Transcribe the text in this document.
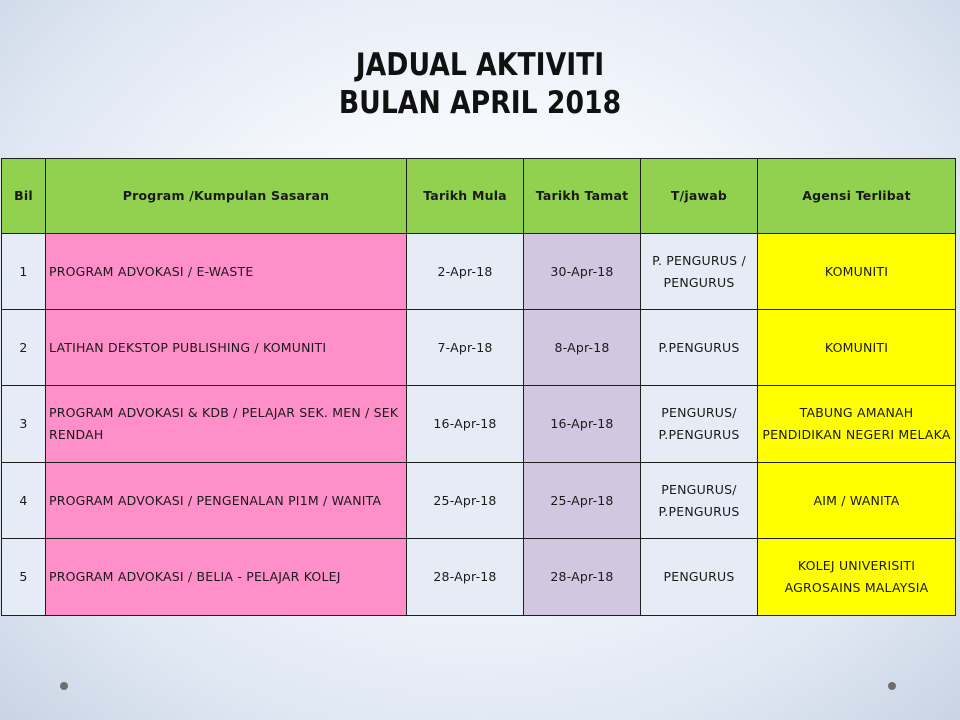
JADUAL AKTIVITI
BULAN APRIL 2018
Bil	Program /Kumpulan Sasaran	Tarikh Mula	Tarikh Tamat	T/jawab	Agensi Terlibat
1	PROGRAM ADVOKASI / E-WASTE	2-Apr-18	30-Apr-18	P. PENGURUS / PENGURUS	KOMUNITI
2	LATIHAN DEKSTOP PUBLISHING / KOMUNITI	7-Apr-18	8-Apr-18	P.PENGURUS	KOMUNITI
3	PROGRAM ADVOKASI & KDB / PELAJAR SEK. MEN / SEK RENDAH	16-Apr-18	16-Apr-18	PENGURUS/ P.PENGURUS	TABUNG AMANAH PENDIDIKAN NEGERI MELAKA
4	PROGRAM ADVOKASI / PENGENALAN PI1M / WANITA	25-Apr-18	25-Apr-18	PENGURUS/ P.PENGURUS	AIM / WANITA
5	PROGRAM ADVOKASI / BELIA - PELAJAR KOLEJ	28-Apr-18	28-Apr-18	PENGURUS	KOLEJ UNIVERISITI AGROSAINS MALAYSIA
